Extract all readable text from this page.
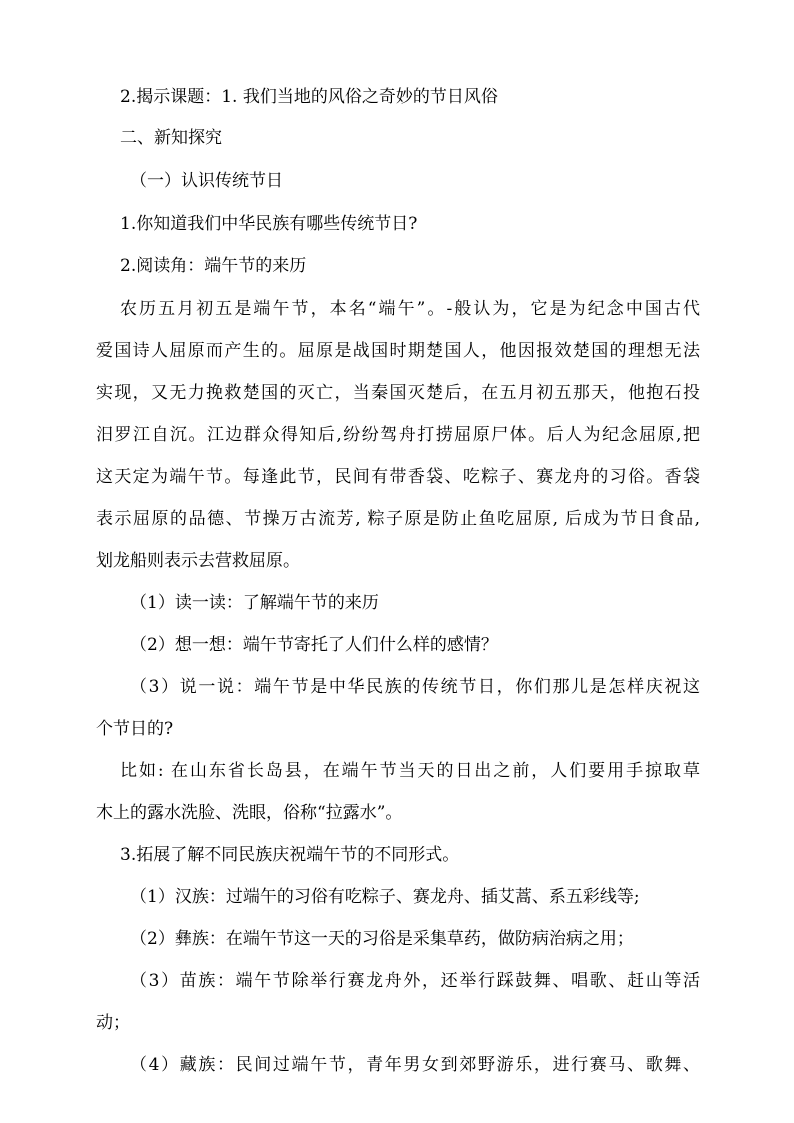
2.揭示课题：1. 我们当地的风俗之奇妙的节日风俗
二、新知探究
（一）认识传统节日
1.你知道我们中华民族有哪些传统节日?
2.阅读角：端午节的来历
农历五月初五是端午节，本名“端午”。-般认为，它是为纪念中国古代
爱国诗人屈原而产生的。屈原是战国时期楚国人，他因报效楚国的理想无法
实现，又无力挽救楚国的灭亡，当秦国灭楚后，在五月初五那天，他抱石投
汨罗江自沉。江边群众得知后,纷纷驾舟打捞屈原尸体。后人为纪念屈原,把
这天定为端午节。每逢此节，民间有带香袋、吃粽子、赛龙舟的习俗。香袋
表示屈原的品德、节操万古流芳, 粽子原是防止鱼吃屈原, 后成为节日食品,
划龙船则表示去营救屈原。
（1）读一读：了解端午节的来历
（2）想一想：端午节寄托了人们什么样的感情？
（3）说一说：端午节是中华民族的传统节日，你们那儿是怎样庆祝这
个节日的?
比如: 在山东省长岛县，在端午节当天的日出之前，人们要用手掠取草
木上的露水洗脸、洗眼，俗称“拉露水”。
3.拓展了解不同民族庆祝端午节的不同形式。
（1）汉族：过端午的习俗有吃粽子、赛龙舟、插艾蒿、系五彩线等;
（2）彝族：在端午节这一天的习俗是采集草药，做防病治病之用；
（3）苗族：端午节除举行赛龙舟外，还举行踩鼓舞、唱歌、赶山等活
动；
（4）藏族：民间过端午节，青年男女到郊野游乐，进行赛马、歌舞、
